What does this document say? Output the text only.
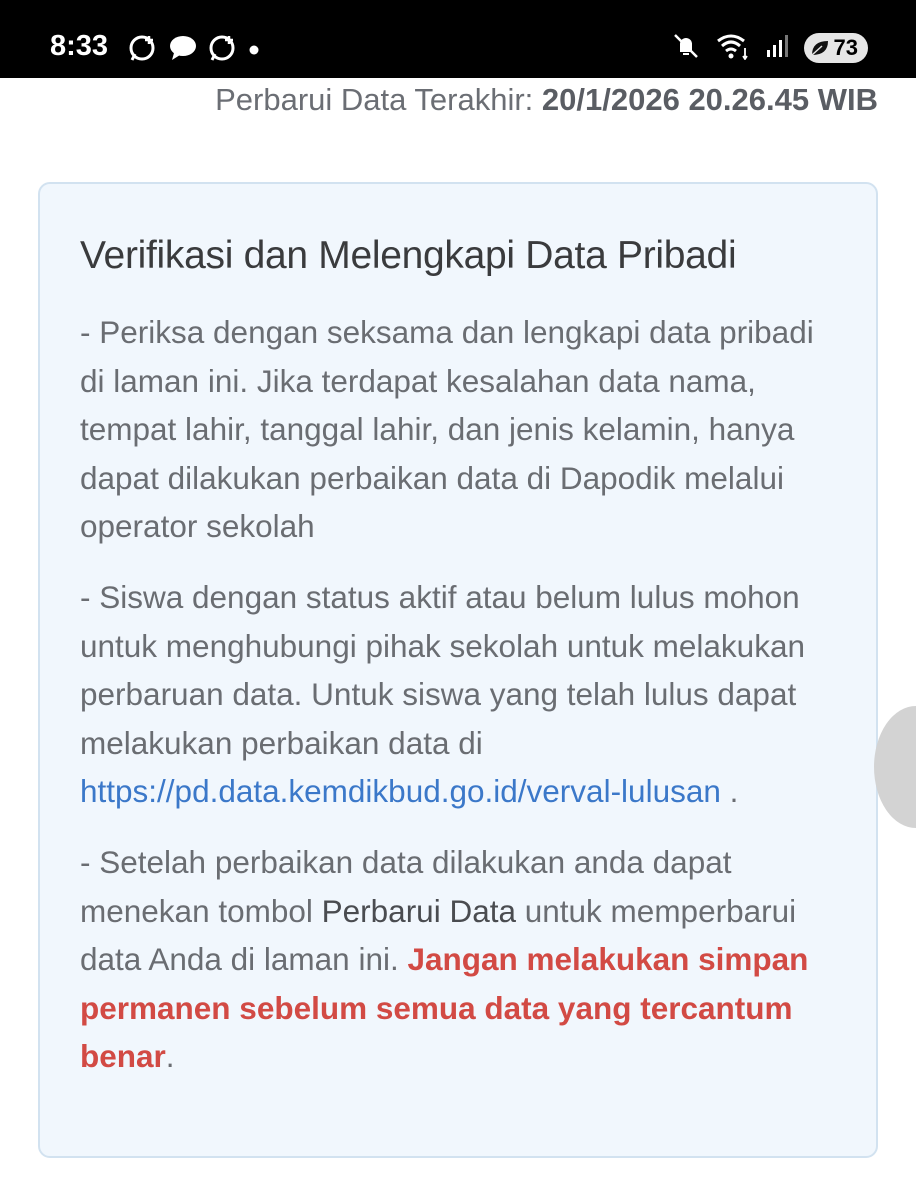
8:33	73
Perbarui Data Terakhir: 20/1/2026 20.26.45 WIB
Verifikasi dan Melengkapi Data Pribadi

- Periksa dengan seksama dan lengkapi data pribadi di laman ini. Jika terdapat kesalahan data nama, tempat lahir, tanggal lahir, dan jenis kelamin, hanya dapat dilakukan perbaikan data di Dapodik melalui operator sekolah

- Siswa dengan status aktif atau belum lulus mohon untuk menghubungi pihak sekolah untuk melakukan perbaruan data. Untuk siswa yang telah lulus dapat melakukan perbaikan data di https://pd.data.kemdikbud.go.id/verval-lulusan .

- Setelah perbaikan data dilakukan anda dapat menekan tombol Perbarui Data untuk memperbarui data Anda di laman ini. Jangan melakukan simpan permanen sebelum semua data yang tercantum benar.
